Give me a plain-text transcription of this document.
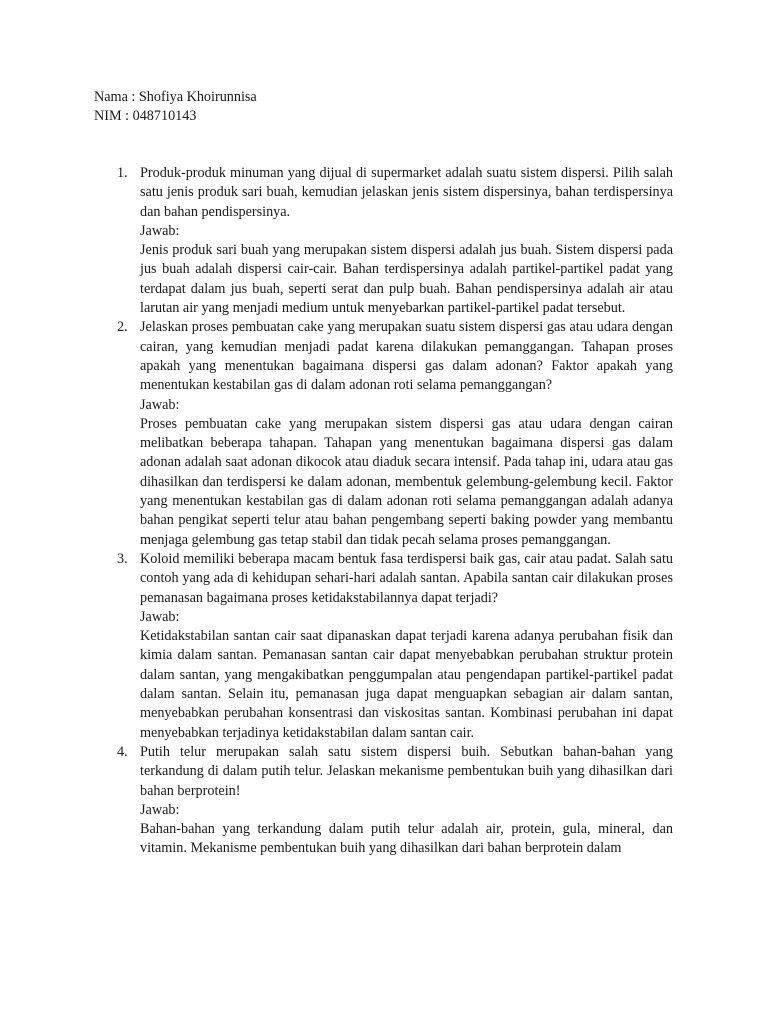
Nama : Shofiya Khoirunnisa
NIM : 048710143
1. Produk-produk minuman yang dijual di supermarket adalah suatu sistem dispersi. Pilih salah satu jenis produk sari buah, kemudian jelaskan jenis sistem dispersinya, bahan terdispersinya dan bahan pendispersinya.

Jawab:

Jenis produk sari buah yang merupakan sistem dispersi adalah jus buah. Sistem dispersi pada jus buah adalah dispersi cair-cair. Bahan terdispersinya adalah partikel-partikel padat yang terdapat dalam jus buah, seperti serat dan pulp buah. Bahan pendispersinya adalah air atau larutan air yang menjadi medium untuk menyebarkan partikel-partikel padat tersebut.

2. Jelaskan proses pembuatan cake yang merupakan suatu sistem dispersi gas atau udara dengan cairan, yang kemudian menjadi padat karena dilakukan pemanggangan. Tahapan proses apakah yang menentukan bagaimana dispersi gas dalam adonan? Faktor apakah yang menentukan kestabilan gas di dalam adonan roti selama pemanggangan?

Jawab:

Proses pembuatan cake yang merupakan sistem dispersi gas atau udara dengan cairan melibatkan beberapa tahapan. Tahapan yang menentukan bagaimana dispersi gas dalam adonan adalah saat adonan dikocok atau diaduk secara intensif. Pada tahap ini, udara atau gas dihasilkan dan terdispersi ke dalam adonan, membentuk gelembung-gelembung kecil. Faktor yang menentukan kestabilan gas di dalam adonan roti selama pemanggangan adalah adanya bahan pengikat seperti telur atau bahan pengembang seperti baking powder yang membantu menjaga gelembung gas tetap stabil dan tidak pecah selama proses pemanggangan.

3. Koloid memiliki beberapa macam bentuk fasa terdispersi baik gas, cair atau padat. Salah satu contoh yang ada di kehidupan sehari-hari adalah santan. Apabila santan cair dilakukan proses pemanasan bagaimana proses ketidakstabilannya dapat terjadi?

Jawab:

Ketidakstabilan santan cair saat dipanaskan dapat terjadi karena adanya perubahan fisik dan kimia dalam santan. Pemanasan santan cair dapat menyebabkan perubahan struktur protein dalam santan, yang mengakibatkan penggumpalan atau pengendapan partikel-partikel padat dalam santan. Selain itu, pemanasan juga dapat menguapkan sebagian air dalam santan, menyebabkan perubahan konsentrasi dan viskositas santan. Kombinasi perubahan ini dapat menyebabkan terjadinya ketidakstabilan dalam santan cair.

4. Putih telur merupakan salah satu sistem dispersi buih. Sebutkan bahan-bahan yang terkandung di dalam putih telur. Jelaskan mekanisme pembentukan buih yang dihasilkan dari bahan berprotein!

Jawab:

Bahan-bahan yang terkandung dalam putih telur adalah air, protein, gula, mineral, dan vitamin. Mekanisme pembentukan buih yang dihasilkan dari bahan berprotein dalam
